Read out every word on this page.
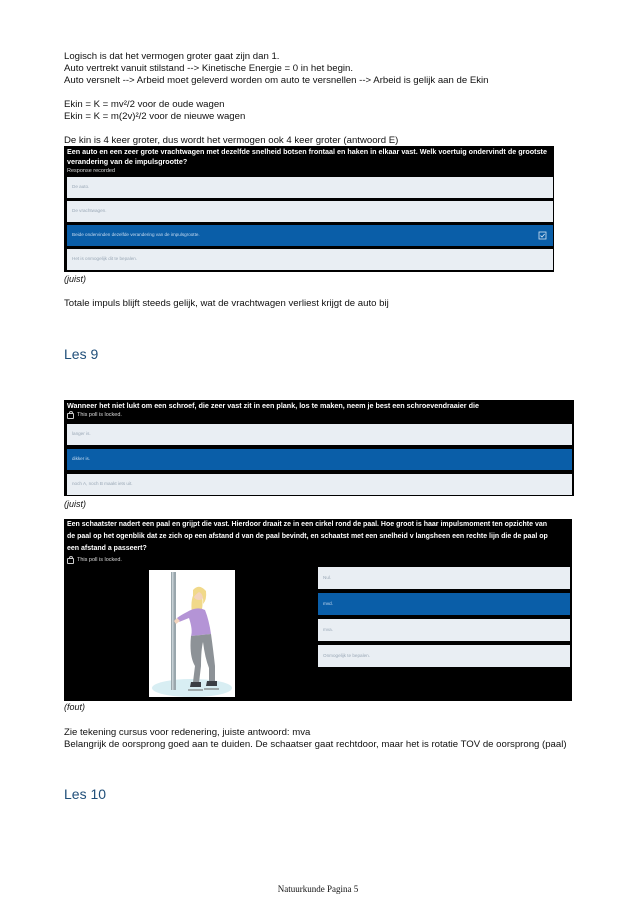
Logisch is dat het vermogen groter gaat zijn dan 1.
Auto vertrekt vanuit stilstand --> Kinetische Energie = 0 in het begin.
Auto versnelt --> Arbeid moet geleverd worden om auto te versnellen --> Arbeid is gelijk aan de Ekin
Ekin = K = mv²/2 voor de oude wagen
Ekin = K = m(2v)²/2 voor de nieuwe wagen
De kin is 4 keer groter, dus wordt het vermogen ook 4 keer groter (antwoord E)
Een auto en een zeer grote vrachtwagen met dezelfde snelheid botsen frontaal en haken in elkaar vast. Welk voertuig ondervindt de grootste verandering van de impulsgrootte?
Response recorded
De auto.
De vrachtwagen.
Beide ondervinden dezelfde verandering van de impulsgrootte.
Het is onmogelijk dit te bepalen.
(juist)
Totale impuls blijft steeds gelijk, wat de vrachtwagen verliest krijgt de auto bij
Les 9
Wanneer het niet lukt om een schroef, die zeer vast zit in een plank, los te maken, neem je best een schroevendraaier die
This poll is locked.
langer is.
dikker is.
noch A, noch B maakt iets uit.
(juist)
Een schaatster nadert een paal en grijpt die vast. Hierdoor draait ze in een cirkel rond de paal. Hoe groot is haar impulsmoment ten opzichte van
de paal op het ogenblik dat ze zich op een afstand d van de paal bevindt, en schaatst met een snelheid v langsheen een rechte lijn die de paal op
een afstand a passeert?
This poll is locked.
Nul.
mvd.
mva.
Onmogelijk te bepalen.
(fout)
Zie tekening cursus voor redenering, juiste antwoord: mva
Belangrijk de oorsprong goed aan te duiden. De schaatser gaat rechtdoor, maar het is rotatie TOV de oorsprong (paal)
Les 10
Natuurkunde Pagina 5
